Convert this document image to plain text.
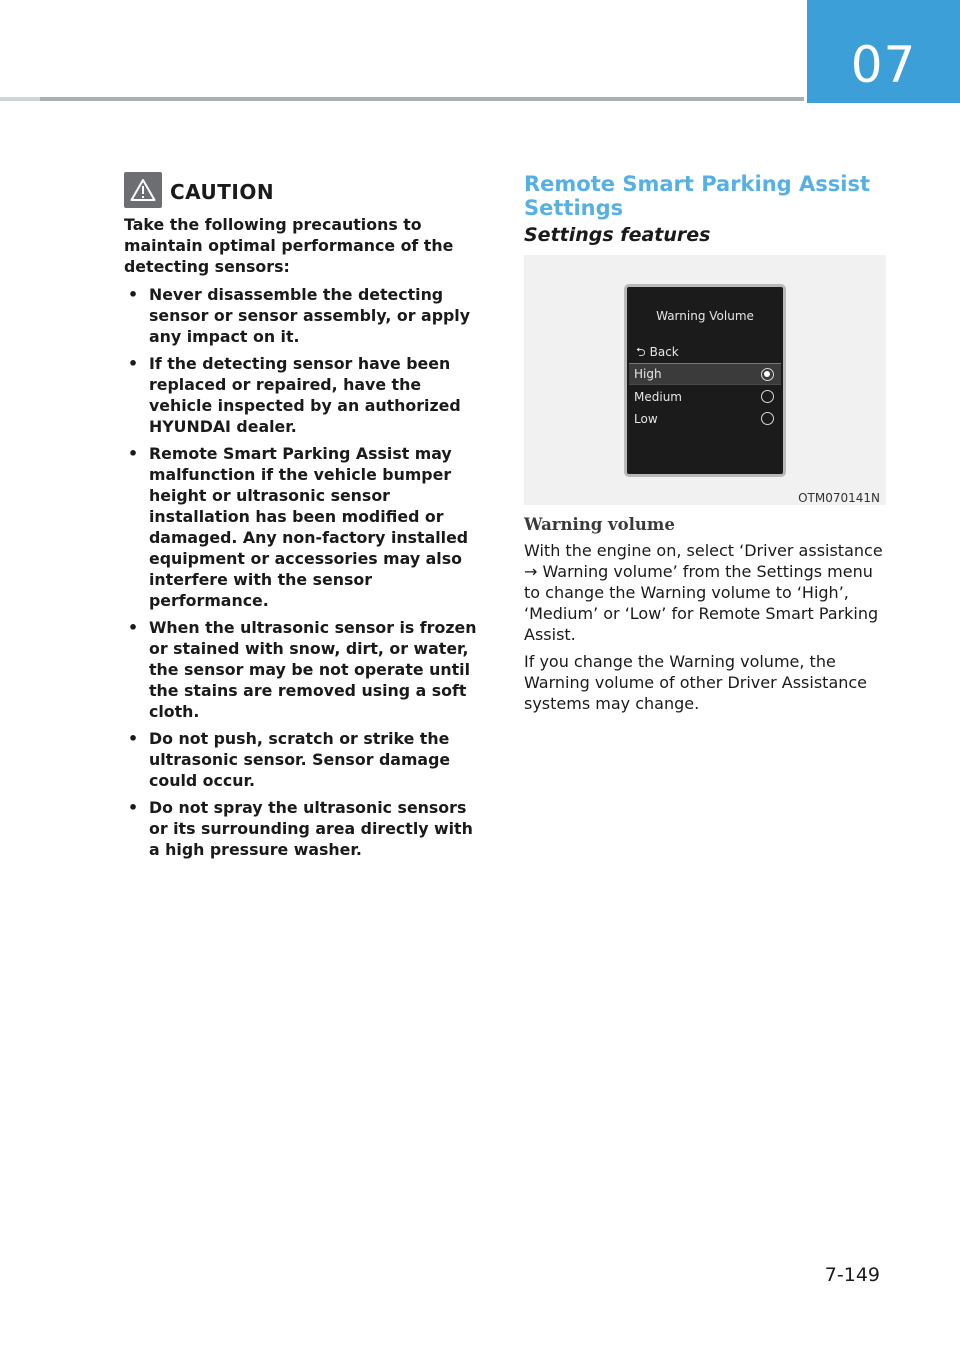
07
CAUTION

Take the following precautions to maintain optimal performance of the detecting sensors:

• Never disassemble the detecting sensor or sensor assembly, or apply any impact on it.
• If the detecting sensor have been replaced or repaired, have the vehicle inspected by an authorized HYUNDAI dealer.
• Remote Smart Parking Assist may malfunction if the vehicle bumper height or ultrasonic sensor installation has been modified or damaged. Any non-factory installed equipment or accessories may also interfere with the sensor performance.
• When the ultrasonic sensor is frozen or stained with snow, dirt, or water, the sensor may be not operate until the stains are removed using a soft cloth.
• Do not push, scratch or strike the ultrasonic sensor. Sensor damage could occur.
• Do not spray the ultrasonic sensors or its surrounding area directly with a high pressure washer.
Remote Smart Parking Assist Settings
Settings features
Warning Volume
⮌ Back
High
Medium
Low
OTM070141N
Warning volume

With the engine on, select ‘Driver assistance → Warning volume’ from the Settings menu to change the Warning volume to ‘High’, ‘Medium’ or ‘Low’ for Remote Smart Parking Assist.

If you change the Warning volume, the Warning volume of other Driver Assistance systems may change.

7-149
